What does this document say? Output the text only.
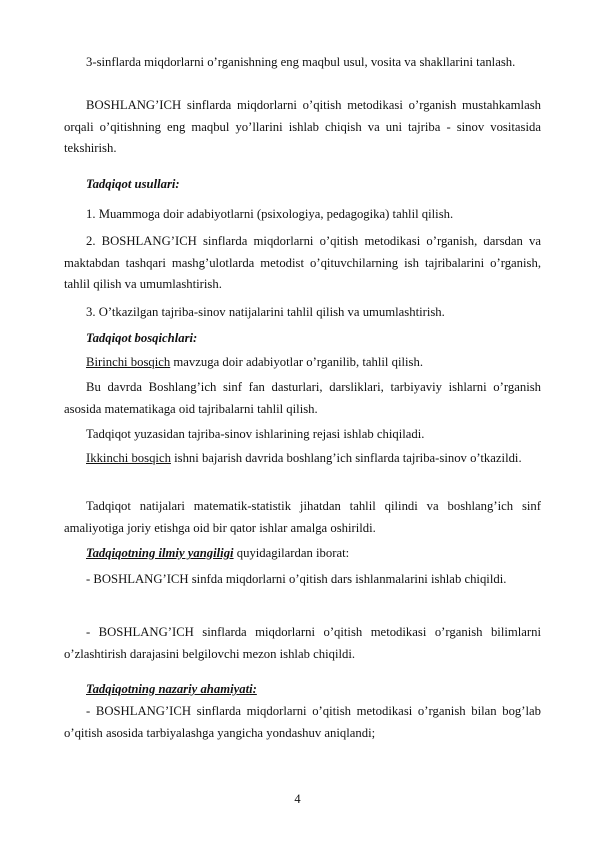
3-sinflarda miqdorlarni o’rganishning eng maqbul usul, vosita va shakllarini tanlash.

BOSHLANG’ICH sinflarda miqdorlarni o’qitish metodikasi o’rganish mustahkamlash orqali o’qitishning eng maqbul yo’llarini ishlab chiqish va uni tajriba - sinov vositasida tekshirish.

Tadqiqot usullari:

1. Muammoga doir adabiyotlarni (psixologiya, pedagogika) tahlil qilish.

2. BOSHLANG’ICH sinflarda miqdorlarni o’qitish metodikasi o’rganish, darsdan va maktabdan tashqari mashg’ulotlarda metodist o’qituvchilarning ish tajribalarini o’rganish, tahlil qilish va umumlashtirish.

3. O’tkazilgan tajriba-sinov natijalarini tahlil qilish va umumlashtirish.

Tadqiqot bosqichlari:

Birinchi bosqich mavzuga doir adabiyotlar o’rganilib, tahlil qilish.

Bu davrda Boshlang’ich sinf fan dasturlari, darsliklari, tarbiyaviy ishlarni o’rganish asosida matematikaga oid tajribalarni tahlil qilish.

Tadqiqot yuzasidan tajriba-sinov ishlarining rejasi ishlab chiqiladi.

Ikkinchi bosqich ishni bajarish davrida boshlang’ich sinflarda tajriba-sinov o’tkazildi.

Tadqiqot natijalari matematik-statistik jihatdan tahlil qilindi va boshlang’ich sinf amaliyotiga joriy etishga oid bir qator ishlar amalga oshirildi.

Tadqiqotning ilmiy yangiligi quyidagilardan iborat:

- BOSHLANG’ICH sinfda miqdorlarni o’qitish dars ishlanmalarini ishlab chiqildi.

- BOSHLANG’ICH sinflarda miqdorlarni o’qitish metodikasi o’rganish bilimlarni o’zlashtirish darajasini belgilovchi mezon ishlab chiqildi.

Tadqiqotning nazariy ahamiyati:

- BOSHLANG’ICH sinflarda miqdorlarni o’qitish metodikasi o’rganish bilan bog’lab o’qitish asosida tarbiyalashga yangicha yondashuv aniqlandi;

4
